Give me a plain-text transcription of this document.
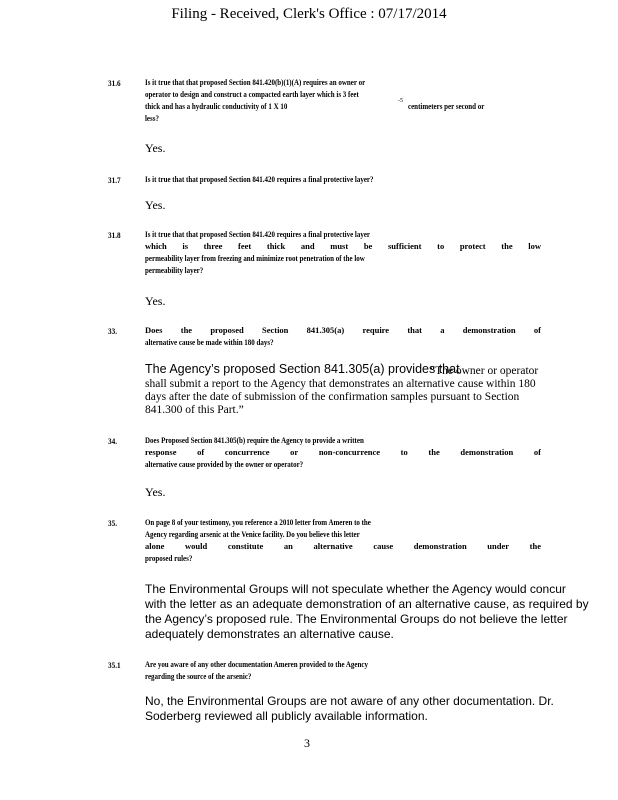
Filing - Received, Clerk's Office : 07/17/2014
31.6	Is it true that that proposed Section 841.420(b)(1)(A) requires an owner or
operator to design and construct a compacted earth layer which is 3 feet
thick and has a hydraulic conductivity of 1 X 10	-5 centimeters per second or
less?
Yes.
31.7	Is it true that that proposed Section 841.420 requires a final protective layer?
Yes.
31.8	Is it true that that proposed Section 841.420 requires a final protective layer
which is three feet thick and must be sufficient to protect the low
permeability layer from freezing and minimize root penetration of the low
permeability layer?
Yes.
33.	Does the proposed Section 841.305(a) require that a demonstration of
alternative cause be made within 180 days?
The Agency’s proposed Section 841.305(a) provides that
“The owner or operator
shall submit a report to the Agency that demonstrates an alternative cause within 180
days after the date of submission of the confirmation samples pursuant to Section
841.300 of this Part.”
34.	Does Proposed Section 841.305(b) require the Agency to provide a written
response of concurrence or non-concurrence to the demonstration of
alternative cause provided by the owner or operator?
Yes.
35.	On page 8 of your testimony, you reference a 2010 letter from Ameren to the
Agency regarding arsenic at the Venice facility. Do you believe this letter
alone would constitute an alternative cause demonstration under the
proposed rules?
The Environmental Groups will not speculate whether the Agency would concur
with the letter as an adequate demonstration of an alternative cause, as required by
the Agency’s proposed rule. The Environmental Groups do not believe the letter
adequately demonstrates an alternative cause.
35.1	Are you aware of any other documentation Ameren provided to the Agency
regarding the source of the arsenic?
No, the Environmental Groups are not aware of any other documentation. Dr.
Soderberg reviewed all publicly available information.
3
